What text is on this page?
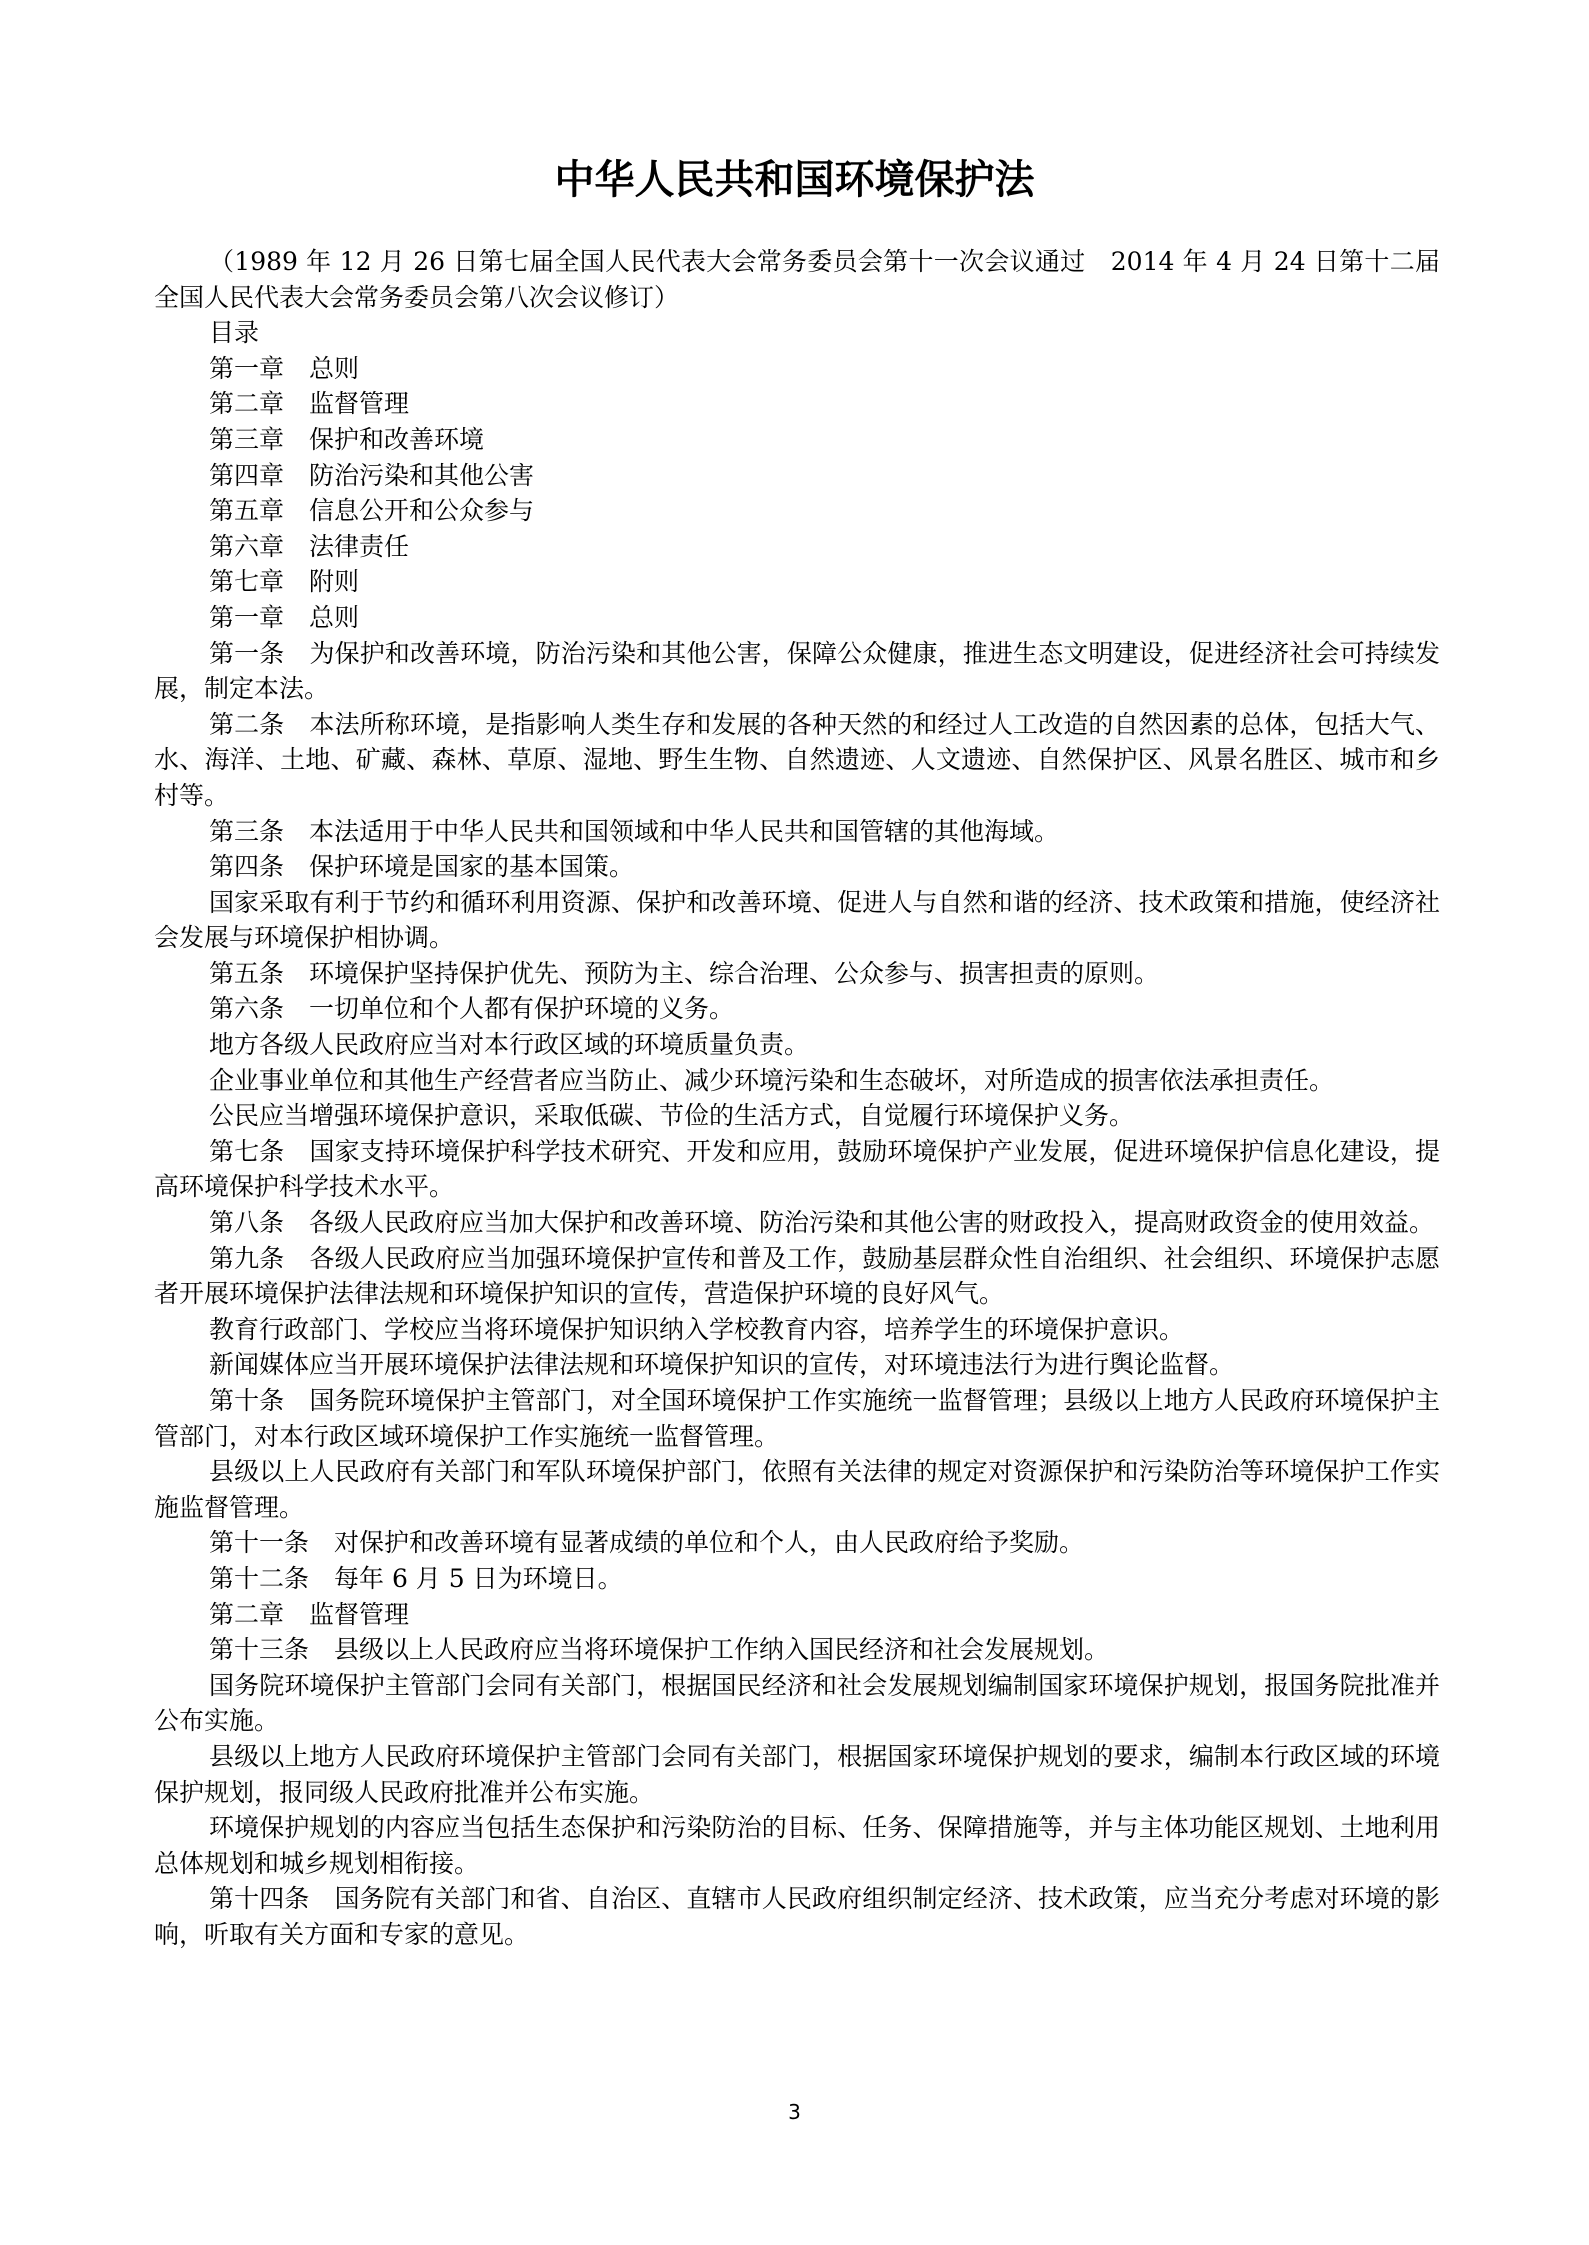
中华人民共和国环境保护法

（1989 年 12 月 26 日第七届全国人民代表大会常务委员会第十一次会议通过　2014 年 4 月 24 日第十二届全国人民代表大会常务委员会第八次会议修订）

目录

第一章　总则

第二章　监督管理

第三章　保护和改善环境

第四章　防治污染和其他公害

第五章　信息公开和公众参与

第六章　法律责任

第七章　附则

第一章　总则

第一条　为保护和改善环境，防治污染和其他公害，保障公众健康，推进生态文明建设，促进经济社会可持续发展，制定本法。

第二条　本法所称环境，是指影响人类生存和发展的各种天然的和经过人工改造的自然因素的总体，包括大气、水、海洋、土地、矿藏、森林、草原、湿地、野生生物、自然遗迹、人文遗迹、自然保护区、风景名胜区、城市和乡村等。

第三条　本法适用于中华人民共和国领域和中华人民共和国管辖的其他海域。

第四条　保护环境是国家的基本国策。

国家采取有利于节约和循环利用资源、保护和改善环境、促进人与自然和谐的经济、技术政策和措施，使经济社会发展与环境保护相协调。

第五条　环境保护坚持保护优先、预防为主、综合治理、公众参与、损害担责的原则。

第六条　一切单位和个人都有保护环境的义务。

地方各级人民政府应当对本行政区域的环境质量负责。

企业事业单位和其他生产经营者应当防止、减少环境污染和生态破坏，对所造成的损害依法承担责任。

公民应当增强环境保护意识，采取低碳、节俭的生活方式，自觉履行环境保护义务。

第七条　国家支持环境保护科学技术研究、开发和应用，鼓励环境保护产业发展，促进环境保护信息化建设，提高环境保护科学技术水平。

第八条　各级人民政府应当加大保护和改善环境、防治污染和其他公害的财政投入，提高财政资金的使用效益。

第九条　各级人民政府应当加强环境保护宣传和普及工作，鼓励基层群众性自治组织、社会组织、环境保护志愿者开展环境保护法律法规和环境保护知识的宣传，营造保护环境的良好风气。

教育行政部门、学校应当将环境保护知识纳入学校教育内容，培养学生的环境保护意识。

新闻媒体应当开展环境保护法律法规和环境保护知识的宣传，对环境违法行为进行舆论监督。

第十条　国务院环境保护主管部门，对全国环境保护工作实施统一监督管理；县级以上地方人民政府环境保护主管部门，对本行政区域环境保护工作实施统一监督管理。

县级以上人民政府有关部门和军队环境保护部门，依照有关法律的规定对资源保护和污染防治等环境保护工作实施监督管理。

第十一条　对保护和改善环境有显著成绩的单位和个人，由人民政府给予奖励。

第十二条　每年 6 月 5 日为环境日。

第二章　监督管理

第十三条　县级以上人民政府应当将环境保护工作纳入国民经济和社会发展规划。

国务院环境保护主管部门会同有关部门，根据国民经济和社会发展规划编制国家环境保护规划，报国务院批准并公布实施。

县级以上地方人民政府环境保护主管部门会同有关部门，根据国家环境保护规划的要求，编制本行政区域的环境保护规划，报同级人民政府批准并公布实施。

环境保护规划的内容应当包括生态保护和污染防治的目标、任务、保障措施等，并与主体功能区规划、土地利用总体规划和城乡规划相衔接。

第十四条　国务院有关部门和省、自治区、直辖市人民政府组织制定经济、技术政策，应当充分考虑对环境的影响，听取有关方面和专家的意见。

3
